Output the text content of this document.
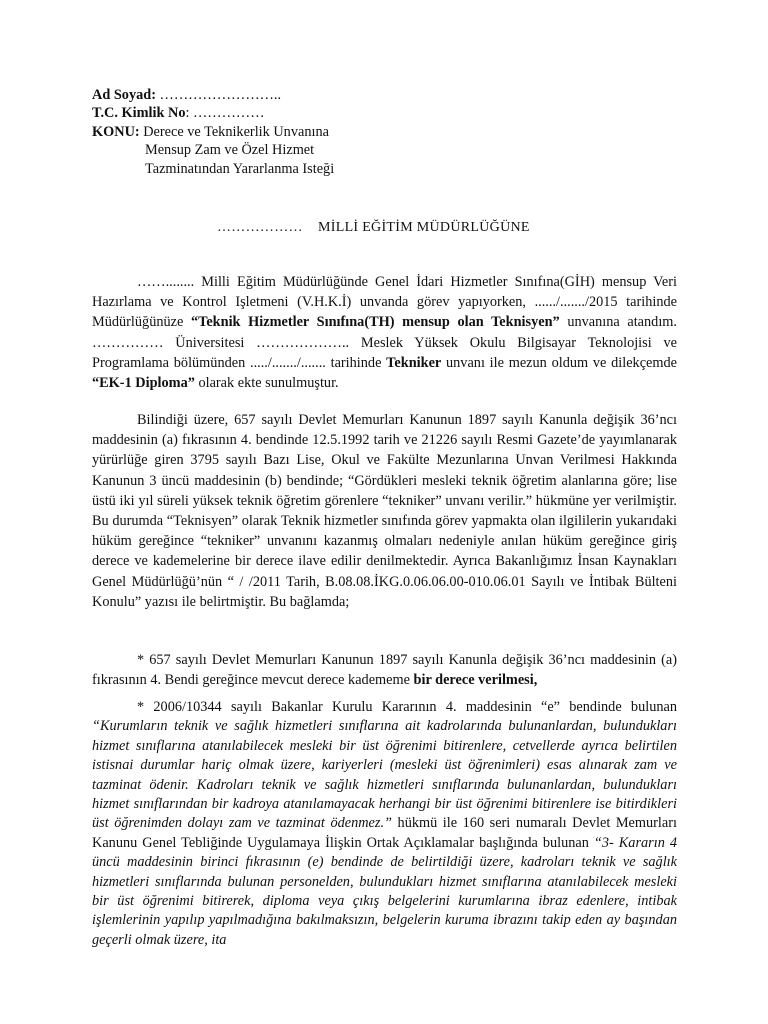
Ad Soyad: ……………………..

T.C. Kimlik No: ……………

KONU: Derece ve Teknikerlik Unvanına

Mensup Zam ve Özel Hizmet

Tazminatından Yararlanma Isteği

……………… MİLLİ EĞİTİM MÜDÜRLÜĞÜNE

……........ Milli Eğitim Müdürlüğünde Genel İdari Hizmetler Sınıfına(GİH) mensup Veri Hazırlama ve Kontrol Işletmeni (V.H.K.İ) unvanda görev yapıyorken, ....../......./2015 tarihinde Müdürlüğünüze “Teknik Hizmetler Sınıfına(TH) mensup olan Teknisyen” unvanına atandım. …………… Üniversitesi ……………….. Meslek Yüksek Okulu Bilgisayar Teknolojisi ve Programlama bölümünden ...../......./....... tarihinde Tekniker unvanı ile mezun oldum ve dilekçemde “EK-1 Diploma” olarak ekte sunulmuştur.

Bilindiği üzere, 657 sayılı Devlet Memurları Kanunun 1897 sayılı Kanunla değişik 36’ncı maddesinin (a) fıkrasının 4. bendinde 12.5.1992 tarih ve 21226 sayılı Resmi Gazete’de yayımlanarak yürürlüğe giren 3795 sayılı Bazı Lise, Okul ve Fakülte Mezunlarına Unvan Verilmesi Hakkında Kanunun 3 üncü maddesinin (b) bendinde; “Gördükleri mesleki teknik öğretim alanlarına göre; lise üstü iki yıl süreli yüksek teknik öğretim görenlere “tekniker” unvanı verilir.” hükmüne yer verilmiştir. Bu durumda “Teknisyen” olarak Teknik hizmetler sınıfında görev yapmakta olan ilgililerin yukarıdaki hüküm gereğince “tekniker” unvanını kazanmış olmaları nedeniyle anılan hüküm gereğince giriş derece ve kademelerine bir derece ilave edilir denilmektedir. Ayrıca Bakanlığımız İnsan Kaynakları Genel Müdürlüğü’nün “ / /2011 Tarih, B.08.08.İKG.0.06.06.00-010.06.01 Sayılı ve İntibak Bülteni Konulu” yazısı ile belirtmiştir. Bu bağlamda;

* 657 sayılı Devlet Memurları Kanunun 1897 sayılı Kanunla değişik 36’ncı maddesinin (a) fıkrasının 4. Bendi gereğince mevcut derece kadememe bir derece verilmesi,

* 2006/10344 sayılı Bakanlar Kurulu Kararının 4. maddesinin “e” bendinde bulunan “Kurumların teknik ve sağlık hizmetleri sınıflarına ait kadrolarında bulunanlardan, bulundukları hizmet sınıflarına atanılabilecek mesleki bir üst öğrenimi bitirenlere, cetvellerde ayrıca belirtilen istisnai durumlar hariç olmak üzere, kariyerleri (mesleki üst öğrenimleri) esas alınarak zam ve tazminat ödenir. Kadroları teknik ve sağlık hizmetleri sınıflarında bulunanlardan, bulundukları hizmet sınıflarından bir kadroya atanılamayacak herhangi bir üst öğrenimi bitirenlere ise bitirdikleri üst öğrenimden dolayı zam ve tazminat ödenmez.” hükmü ile 160 seri numaralı Devlet Memurları Kanunu Genel Tebliğinde Uygulamaya İlişkin Ortak Açıklamalar başlığında bulunan “3- Kararın 4 üncü maddesinin birinci fıkrasının (e) bendinde de belirtildiği üzere, kadroları teknik ve sağlık hizmetleri sınıflarında bulunan personelden, bulundukları hizmet sınıflarına atanılabilecek mesleki bir üst öğrenimi bitirerek, diploma veya çıkış belgelerini kurumlarına ibraz edenlere, intibak işlemlerinin yapılıp yapılmadığına bakılmaksızın, belgelerin kuruma ibrazını takip eden ay başından geçerli olmak üzere, ita
